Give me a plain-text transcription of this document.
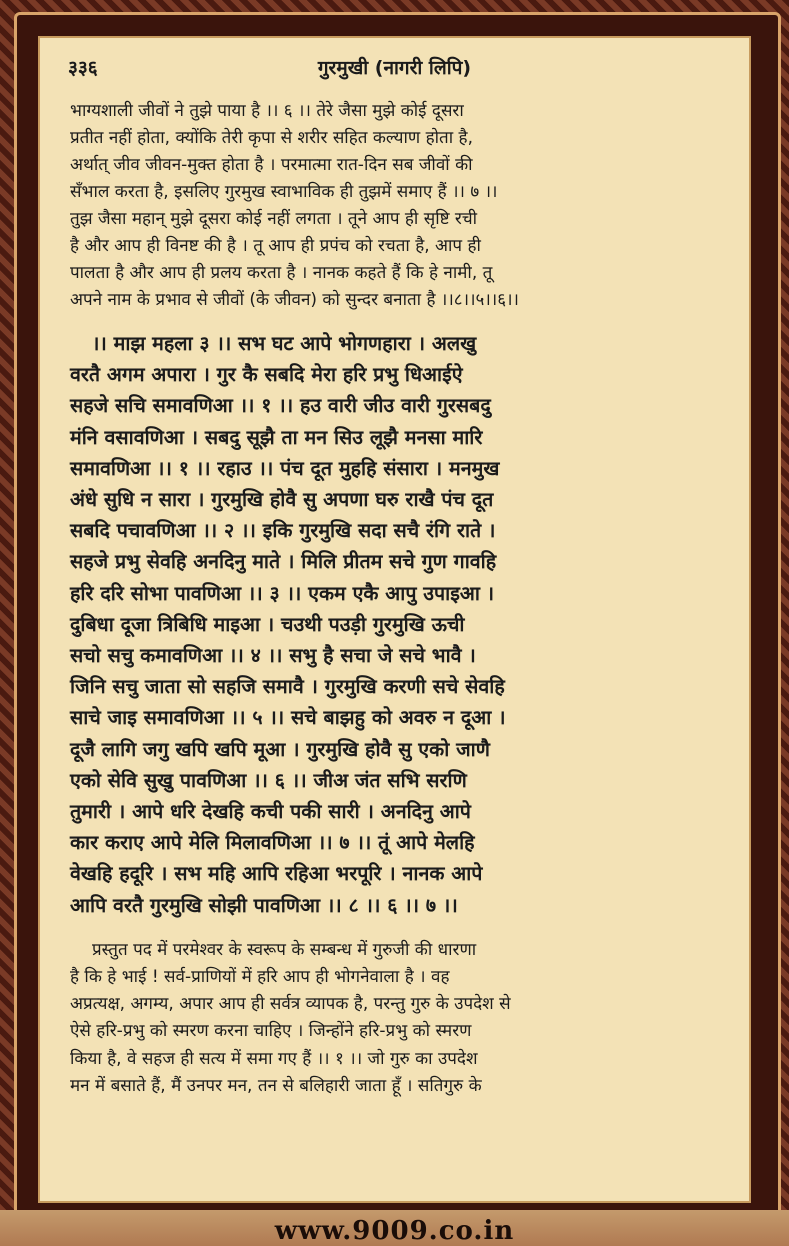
३३६	गुरमुखी (नागरी लिपि)
भाग्यशाली जीवों ने तुझे पाया है ।। ६ ।। तेरे जैसा मुझे कोई दूसरा
प्रतीत नहीं होता, क्योंकि तेरी कृपा से शरीर सहित कल्याण होता है,
अर्थात् जीव जीवन-मुक्त होता है । परमात्मा रात-दिन सब जीवों की
सँभाल करता है, इसलिए गुरमुख स्वाभाविक ही तुझमें समाए हैं ।। ७ ।।
तुझ जैसा महान् मुझे दूसरा कोई नहीं लगता । तूने आप ही सृष्टि रची
है और आप ही विनष्ट की है । तू आप ही प्रपंच को रचता है, आप ही
पालता है और आप ही प्रलय करता है । नानक कहते हैं कि हे नामी, तू
अपने नाम के प्रभाव से जीवों (के जीवन) को सुन्दर बनाता है ।।८।।५।।६।।
।। माझ महला ३ ।। सभ घट आपे भोगणहारा । अलखु
वरतै अगम अपारा । गुर कै सबदि मेरा हरि प्रभु धिआईऐ
सहजे सचि समावणिआ ।। १ ।। हउ वारी जीउ वारी गुरसबदु
मंनि वसावणिआ । सबदु सूझै ता मन सिउ लूझै मनसा मारि
समावणिआ ।। १ ।। रहाउ ।। पंच दूत मुहहि संसारा । मनमुख
अंधे सुधि न सारा । गुरमुखि होवै सु अपणा घरु राखै पंच दूत
सबदि पचावणिआ ।। २ ।। इकि गुरमुखि सदा सचै रंगि राते ।
सहजे प्रभु सेवहि अनदिनु माते । मिलि प्रीतम सचे गुण गावहि
हरि दरि सोभा पावणिआ ।। ३ ।। एकम एकै आपु उपाइआ ।
दुबिधा दूजा त्रिबिधि माइआ । चउथी पउड़ी गुरमुखि ऊची
सचो सचु कमावणिआ ।। ४ ।। सभु है सचा जे सचे भावै ।
जिनि सचु जाता सो सहजि समावै । गुरमुखि करणी सचे सेवहि
साचे जाइ समावणिआ ।। ५ ।। सचे बाझहु को अवरु न दूआ ।
दूजै लागि जगु खपि खपि मूआ । गुरमुखि होवै सु एको जाणै
एको सेवि सुखु पावणिआ ।। ६ ।। जीअ जंत सभि सरणि
तुमारी । आपे धरि देखहि कची पकी सारी । अनदिनु आपे
कार कराए आपे मेलि मिलावणिआ ।। ७ ।। तूं आपे मेलहि
वेखहि हदूरि । सभ महि आपि रहिआ भरपूरि । नानक आपे
आपि वरतै गुरमुखि सोझी पावणिआ ।। ८ ।। ६ ।। ७ ।।
प्रस्तुत पद में परमेश्वर के स्वरूप के सम्बन्ध में गुरुजी की धारणा
है कि हे भाई ! सर्व-प्राणियों में हरि आप ही भोगनेवाला है । वह
अप्रत्यक्ष, अगम्य, अपार आप ही सर्वत्र व्यापक है, परन्तु गुरु के उपदेश से
ऐसे हरि-प्रभु को स्मरण करना चाहिए । जिन्होंने हरि-प्रभु को स्मरण
किया है, वे सहज ही सत्य में समा गए हैं ।। १ ।। जो गुरु का उपदेश
मन में बसाते हैं, मैं उनपर मन, तन से बलिहारी जाता हूँ । सतिगुरु के
www.9009.co.in
